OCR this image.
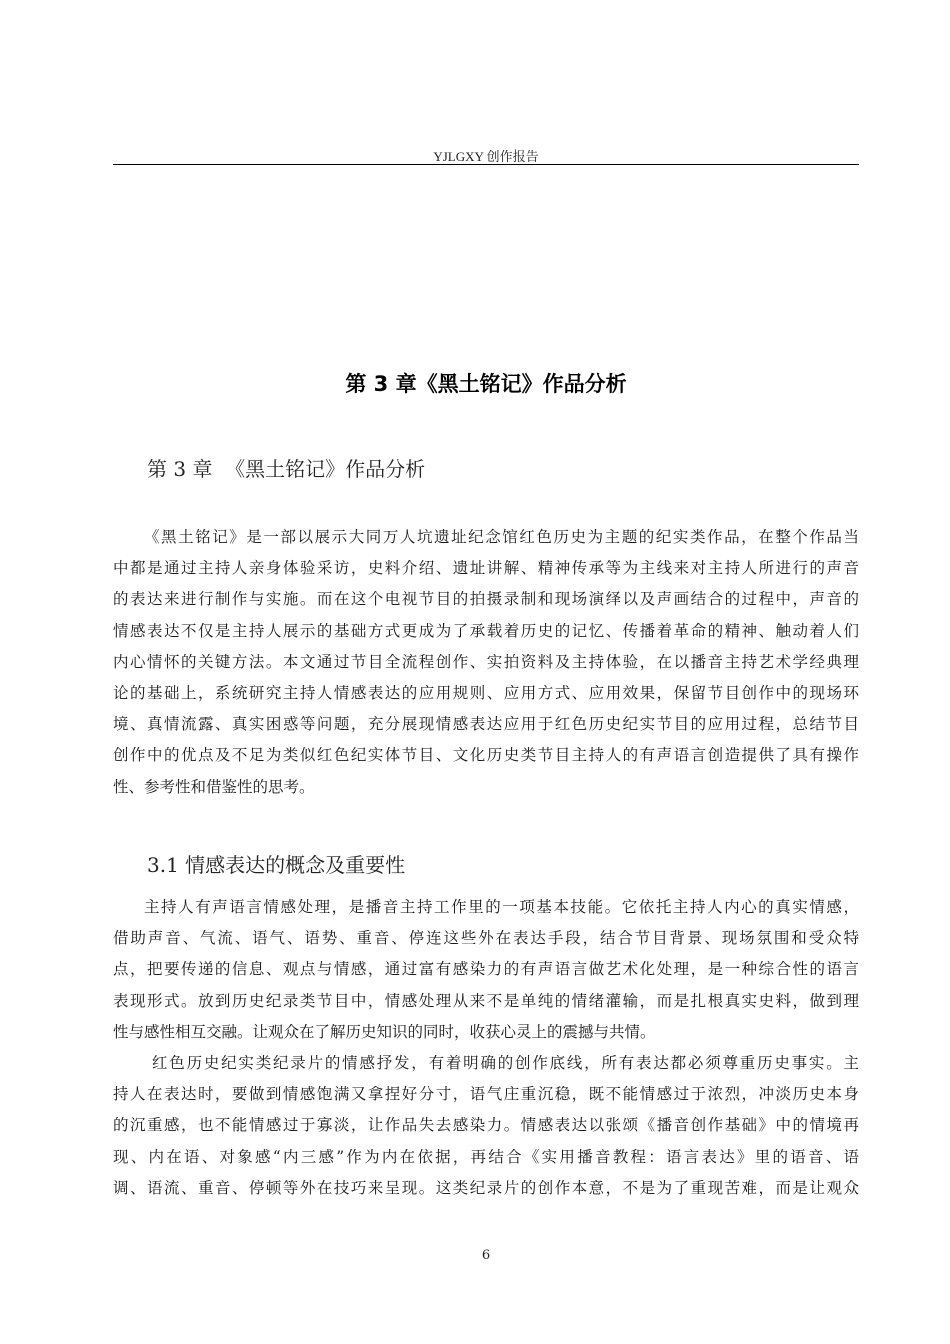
YJLGXY 创作报告
第 3 章《黑土铭记》作品分析
第 3 章  《黑土铭记》作品分析
《黑土铭记》是一部以展示大同万人坑遗址纪念馆红色历史为主题的纪实类作品，在整个作品当
中都是通过主持人亲身体验采访，史料介绍、遗址讲解、精神传承等为主线来对主持人所进行的声音
的表达来进行制作与实施。而在这个电视节目的拍摄录制和现场演绎以及声画结合的过程中，声音的
情感表达不仅是主持人展示的基础方式更成为了承载着历史的记忆、传播着革命的精神、触动着人们
内心情怀的关键方法。本文通过节目全流程创作、实拍资料及主持体验，在以播音主持艺术学经典理
论的基础上，系统研究主持人情感表达的应用规则、应用方式、应用效果，保留节目创作中的现场环
境、真情流露、真实困惑等问题，充分展现情感表达应用于红色历史纪实节目的应用过程，总结节目
创作中的优点及不足为类似红色纪实体节目、文化历史类节目主持人的有声语言创造提供了具有操作
性、参考性和借鉴性的思考。
3.1 情感表达的概念及重要性
主持人有声语言情感处理，是播音主持工作里的一项基本技能。它依托主持人内心的真实情感，
借助声音、气流、语气、语势、重音、停连这些外在表达手段，结合节目背景、现场氛围和受众特
点，把要传递的信息、观点与情感，通过富有感染力的有声语言做艺术化处理，是一种综合性的语言
表现形式。放到历史纪录类节目中，情感处理从来不是单纯的情绪灌输，而是扎根真实史料，做到理
性与感性相互交融。让观众在了解历史知识的同时，收获心灵上的震撼与共情。
红色历史纪实类纪录片的情感抒发，有着明确的创作底线，所有表达都必须尊重历史事实。主
持人在表达时，要做到情感饱满又拿捏好分寸，语气庄重沉稳，既不能情感过于浓烈，冲淡历史本身
的沉重感，也不能情感过于寡淡，让作品失去感染力。情感表达以张颂《播音创作基础》中的情境再
现、内在语、对象感“内三感”作为内在依据，再结合《实用播音教程：语言表达》里的语音、语
调、语流、重音、停顿等外在技巧来呈现。这类纪录片的创作本意，不是为了重现苦难，而是让观众
6
